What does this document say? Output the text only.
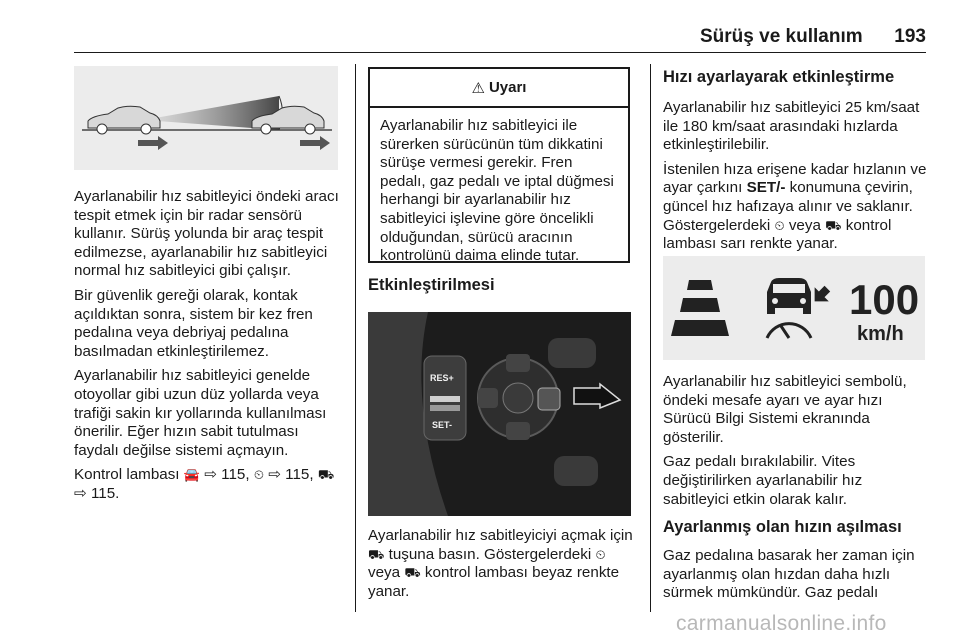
Sürüş ve kullanım 193

Ayarlanabilir hız sabitleyici öndeki aracı tespit etmek için bir radar sensörü kullanır. Sürüş yolunda bir araç tespit edilmezse, ayarlanabilir hız sabitleyici normal hız sabitleyici gibi çalışır.

Bir güvenlik gereği olarak, kontak açıldıktan sonra, sistem bir kez fren pedalına veya debriyaj pedalına basılmadan etkinleştirilemez.

Ayarlanabilir hız sabitleyici genelde otoyollar gibi uzun düz yollarda veya trafiği sakin kır yollarında kullanılması önerilir. Eğer hızın sabit tutulması faydalı değilse sistemi açmayın.

Kontrol lambası 🚘 ⇨ 115, ⏲ ⇨ 115, ⛟
⇨ 115.

⚠ Uyarı
Ayarlanabilir hız sabitleyici ile sürerken sürücünün tüm dikkatini sürüşe vermesi gerekir. Fren pedalı, gaz pedalı ve iptal düğmesi herhangi bir ayarlanabilir hız sabitleyici işlevine göre öncelikli olduğundan, sürücü aracının kontrolünü daima elinde tutar.
Etkinleştirilmesi
RES+
SET-

Ayarlanabilir hız sabitleyiciyi açmak için ⛟ tuşuna basın. Göstergelerdeki ⏲ veya ⛟ kontrol lambası beyaz renkte yanar.

Hızı ayarlayarak etkinleştirme

Ayarlanabilir hız sabitleyici 25 km/saat ile 180 km/saat arasındaki hızlarda etkinleştirilebilir.

İstenilen hıza erişene kadar hızlanın ve ayar çarkını SET/- konumuna çevirin, güncel hız hafızaya alınır ve saklanır. Göstergelerdeki ⏲ veya ⛟ kontrol lambası sarı renkte yanar.

100
km/h

Ayarlanabilir hız sabitleyici sembolü, öndeki mesafe ayarı ve ayar hızı Sürücü Bilgi Sistemi ekranında gösterilir.

Gaz pedalı bırakılabilir. Vites değiştirilirken ayarlanabilir hız sabitleyici etkin olarak kalır.

Ayarlanmış olan hızın aşılması

Gaz pedalına basarak her zaman için ayarlanmış olan hızdan daha hızlı sürmek mümkündür. Gaz pedalı

carmanualsonline.info
